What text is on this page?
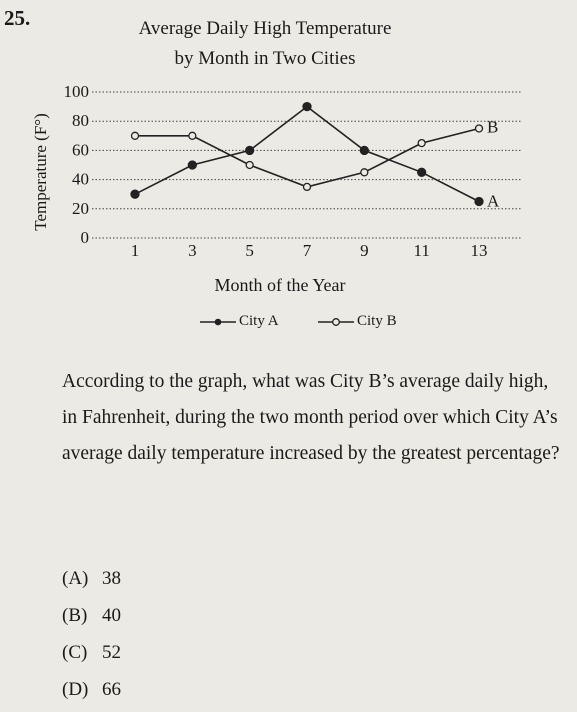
25.	Average Daily High Temperature
by Month in Two Cities
0
20
40
60
80
100
1	3	5	7	9	11 13
A
B
Temperature (F°)
Month of the Year
City A	City B
According to the graph, what was City B’s average daily high, in Fahrenheit, during the two month period over which City A’s average daily temperature increased by the greatest percentage?
(A) 38
(B) 40
(C) 52
(D) 66
